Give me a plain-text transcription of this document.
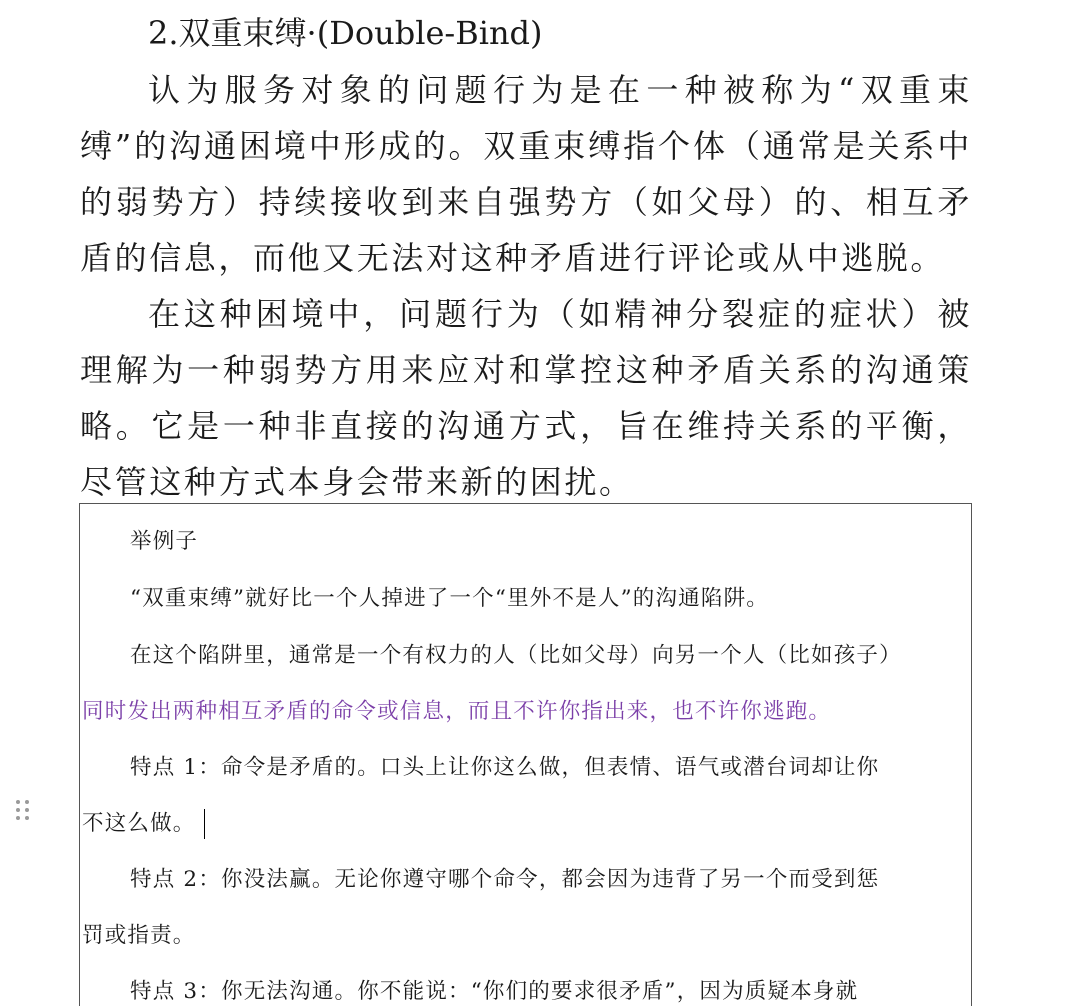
2.双重束缚·(Double-Bind)

认为服务对象的问题行为是在一种被称为“双重束缚”的沟通困境中形成的。双重束缚指个体（通常是关系中的弱势方）持续接收到来自强势方（如父母）的、相互矛盾的信息，而他又无法对这种矛盾进行评论或从中逃脱。

在这种困境中，问题行为（如精神分裂症的症状）被理解为一种弱势方用来应对和掌控这种矛盾关系的沟通策略。它是一种非直接的沟通方式，旨在维持关系的平衡，尽管这种方式本身会带来新的困扰。

举例子

“双重束缚”就好比一个人掉进了一个“里外不是人”的沟通陷阱。

在这个陷阱里，通常是一个有权力的人（比如父母）向另一个人（比如孩子）

同时发出两种相互矛盾的命令或信息，而且不许你指出来，也不许你逃跑。

特点 1：命令是矛盾的。口头上让你这么做，但表情、语气或潜台词却让你

不这么做。

特点 2：你没法赢。无论你遵守哪个命令，都会因为违背了另一个而受到惩

罚或指责。

特点 3：你无法沟通。你不能说：“你们的要求很矛盾”，因为质疑本身就
